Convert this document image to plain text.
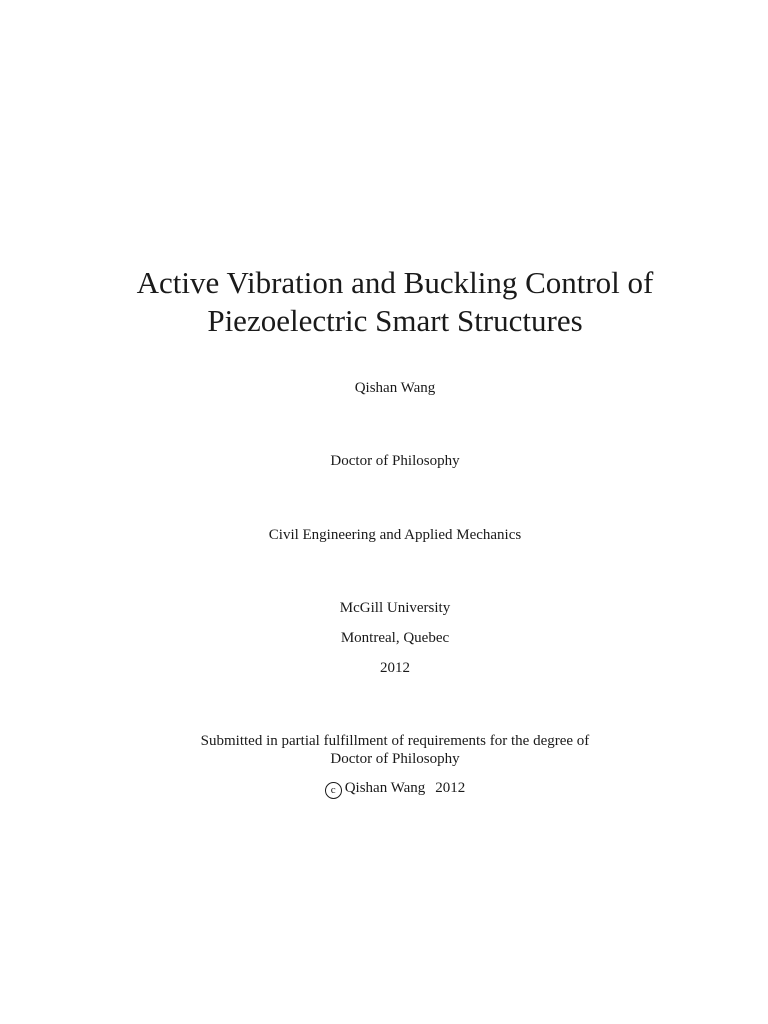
Active Vibration and Buckling Control of
Piezoelectric Smart Structures
Qishan Wang
Doctor of Philosophy
Civil Engineering and Applied Mechanics
McGill University
Montreal, Quebec
2012
Submitted in partial fulfillment of requirements for the degree of
Doctor of Philosophy
c Qishan Wang 2012
